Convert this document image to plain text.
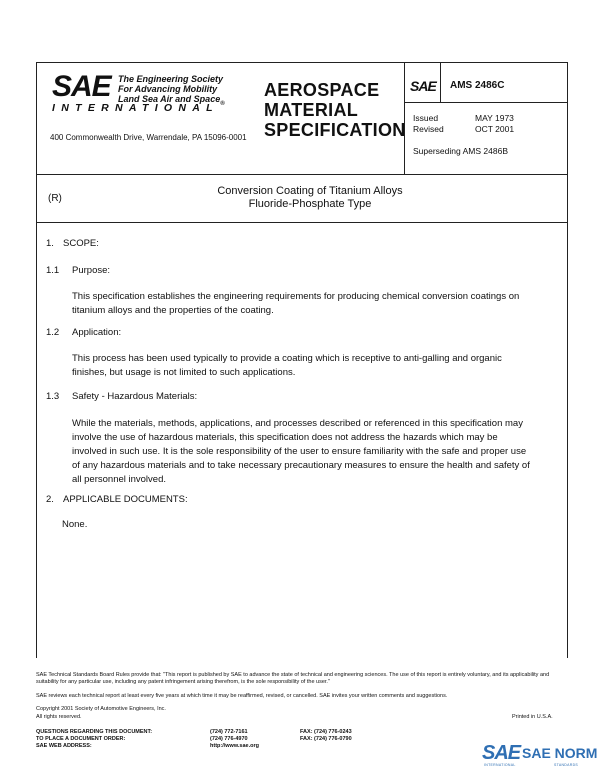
SAE The Engineering Society
For Advancing Mobility
Land Sea Air and Space$_®$
INTERNATIONAL
400 Commonwealth Drive, Warrendale, PA 15096-0001
AEROSPACE
MATERIAL
SPECIFICATION
SAE AMS 2486C
Issued	MAY 1973
Revised	OCT 2001
Superseding AMS 2486B
(R)
Conversion Coating of Titanium Alloys
Fluoride-Phosphate Type
1. SCOPE:
1.1 Purpose:
This specification establishes the engineering requirements for producing chemical conversion coatings on titanium alloys and the properties of the coating.
1.2 Application:
This process has been used typically to provide a coating which is receptive to anti-galling and organic finishes, but usage is not limited to such applications.
1.3 Safety - Hazardous Materials:
While the materials, methods, applications, and processes described or referenced in this specification may involve the use of hazardous materials, this specification does not address the hazards which may be involved in such use. It is the sole responsibility of the user to ensure familiarity with the safe and proper use of any hazardous materials and to take necessary precautionary measures to ensure the health and safety of all personnel involved.
2. APPLICABLE DOCUMENTS:
None.
SAE Technical Standards Board Rules provide that: "This report is published by SAE to advance the state of technical and engineering sciences. The use of this report is entirely voluntary, and its applicability and suitability for any particular use, including any patent infringement arising therefrom, is the sole responsibility of the user."
SAE reviews each technical report at least every five years at which time it may be reaffirmed, revised, or cancelled. SAE invites your written comments and suggestions.
Copyright 2001 Society of Automotive Engineers, Inc.
All rights reserved.	Printed in U.S.A.
QUESTIONS REGARDING THIS DOCUMENT:	(724) 772-7161	FAX: (724) 776-0243
TO PLACE A DOCUMENT ORDER:	(724) 776-4970	FAX: (724) 776-0790
SAE WEB ADDRESS:	http://www.sae.org	SAE SAE NORM
INTERNATIONAL	STANDARDS
